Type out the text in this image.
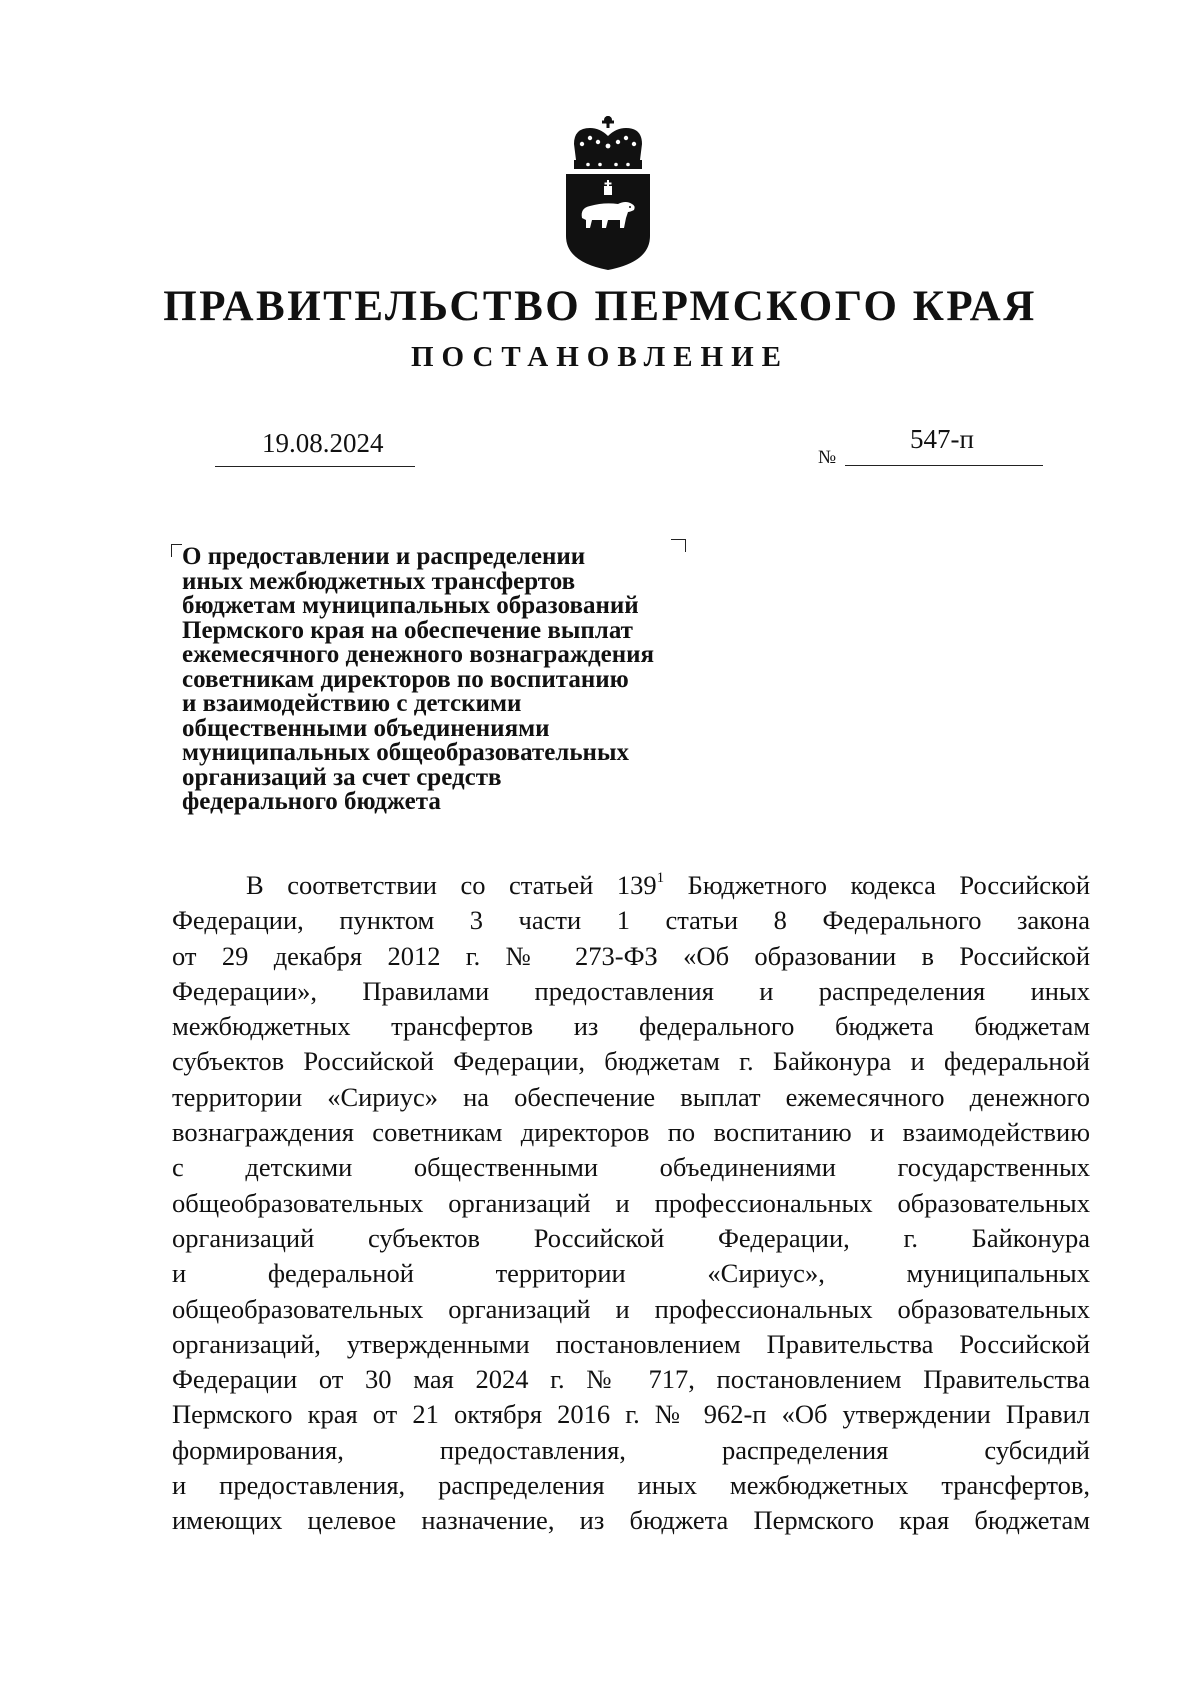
ПРАВИТЕЛЬСТВО ПЕРМСКОГО КРАЯ
ПОСТАНОВЛЕНИЕ
19.08.2024	№
547-п
О предоставлении и распределении
иных межбюджетных трансфертов
бюджетам муниципальных образований
Пермского края на обеспечение выплат
ежемесячного денежного вознаграждения
советникам директоров по воспитанию
и взаимодействию с детскими
общественными объединениями
муниципальных общеобразовательных
организаций за счет средств
федерального бюджета
В соответствии со статьей $139^1$ Бюджетного кодекса Российской
Федерации, пунктом 3 части 1 статьи 8 Федерального закона
от 29 декабря 2012 г. № 273-ФЗ «Об образовании в Российской
Федерации», Правилами предоставления и распределения иных
межбюджетных трансфертов из федерального бюджета бюджетам
субъектов Российской Федерации, бюджетам г. Байконура и федеральной
территории «Сириус» на обеспечение выплат ежемесячного денежного
вознаграждения советникам директоров по воспитанию и взаимодействию
с детскими общественными объединениями государственных
общеобразовательных организаций и профессиональных образовательных
организаций субъектов Российской Федерации, г. Байконура
и федеральной территории «Сириус», муниципальных
общеобразовательных организаций и профессиональных образовательных
организаций, утвержденными постановлением Правительства Российской
Федерации от 30 мая 2024 г. № 717, постановлением Правительства
Пермского края от 21 октября 2016 г. № 962-п «Об утверждении Правил
формирования, предоставления, распределения субсидий
и предоставления, распределения иных межбюджетных трансфертов,
имеющих целевое назначение, из бюджета Пермского края бюджетам
